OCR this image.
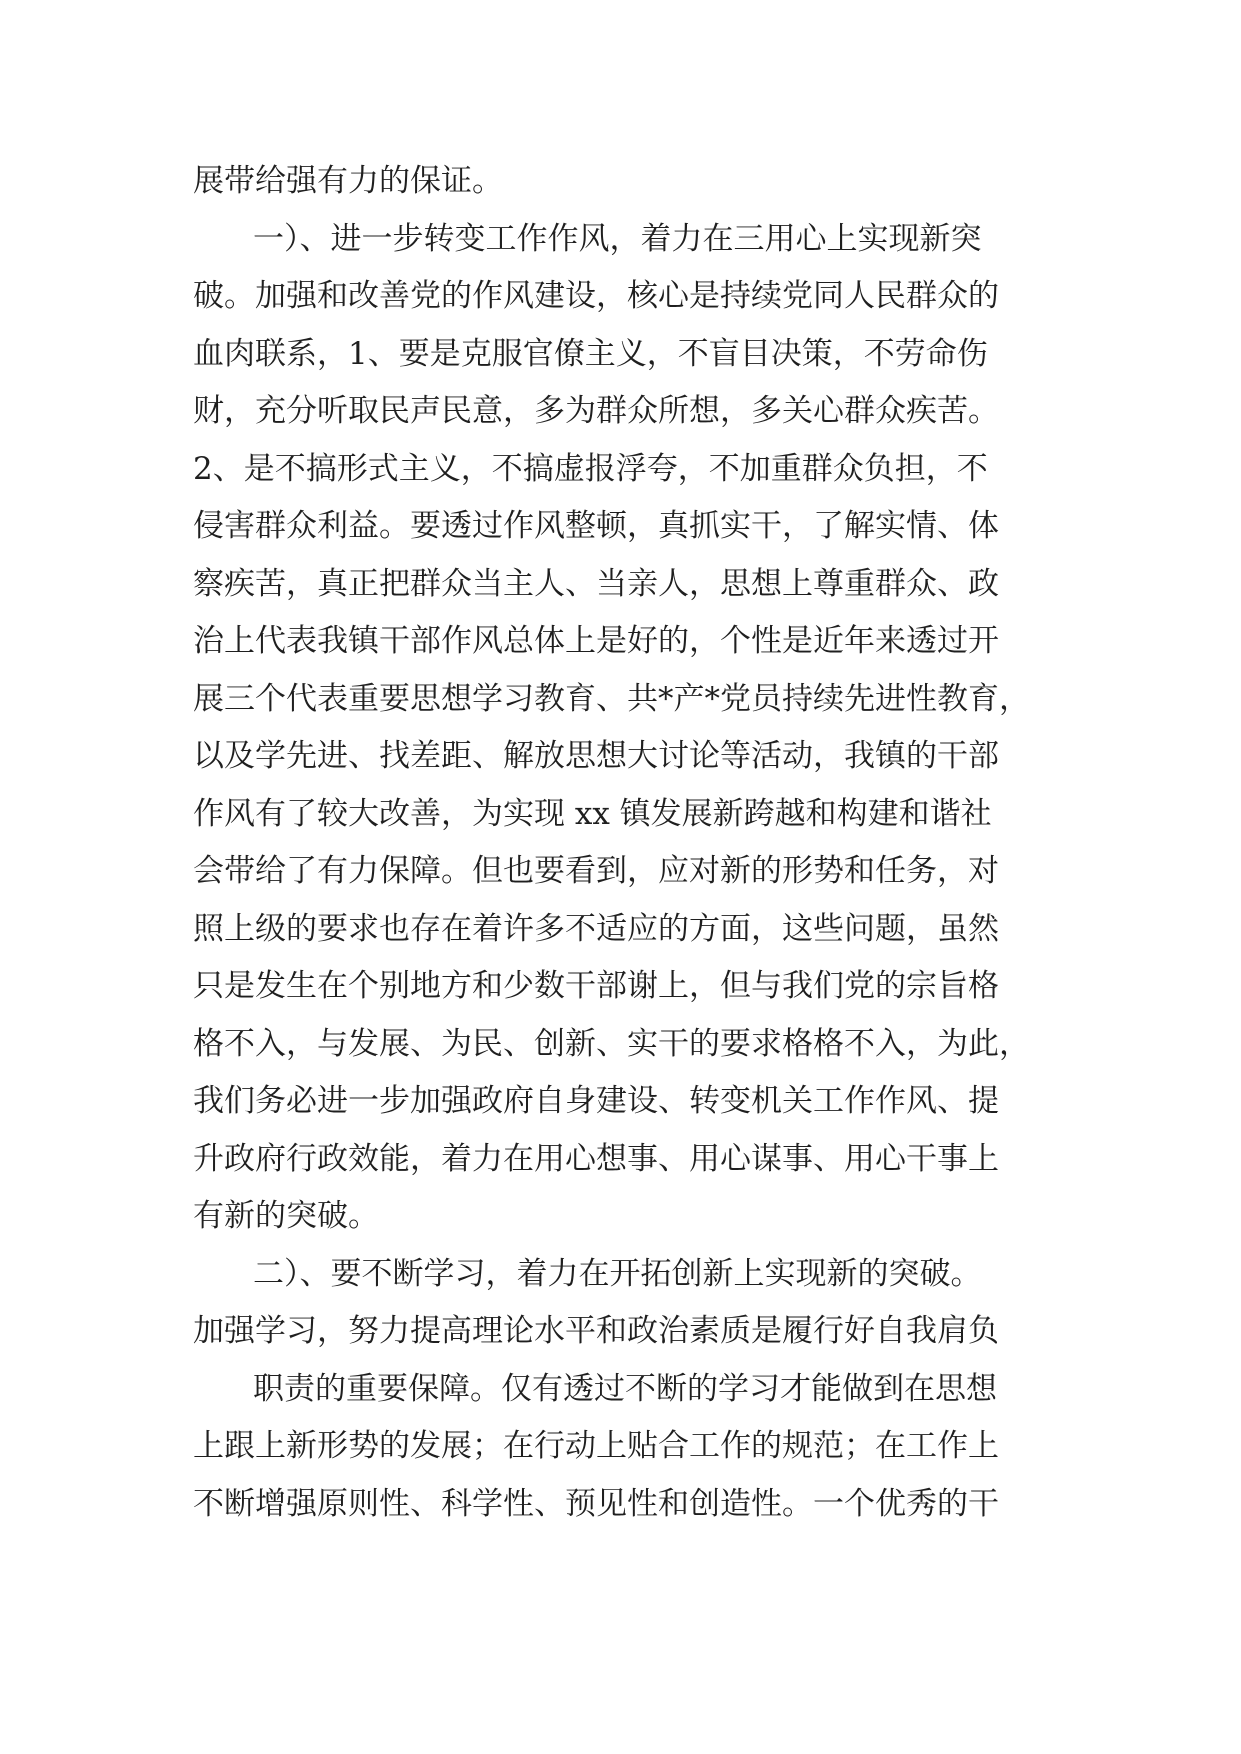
展带给强有力的保证。

一）、进一步转变工作作风，着力在三用心上实现新突

破。加强和改善党的作风建设，核心是持续党同人民群众的

血肉联系，1、要是克服官僚主义，不盲目决策，不劳命伤

财，充分听取民声民意，多为群众所想，多关心群众疾苦。

2、是不搞形式主义，不搞虚报浮夸，不加重群众负担，不

侵害群众利益。要透过作风整顿，真抓实干，了解实情、体

察疾苦，真正把群众当主人、当亲人，思想上尊重群众、政

治上代表我镇干部作风总体上是好的，个性是近年来透过开

展三个代表重要思想学习教育、共*产*党员持续先进性教育，

以及学先进、找差距、解放思想大讨论等活动，我镇的干部

作风有了较大改善，为实现 xx 镇发展新跨越和构建和谐社

会带给了有力保障。但也要看到，应对新的形势和任务，对

照上级的要求也存在着许多不适应的方面，这些问题，虽然

只是发生在个别地方和少数干部谢上，但与我们党的宗旨格

格不入，与发展、为民、创新、实干的要求格格不入，为此，

我们务必进一步加强政府自身建设、转变机关工作作风、提

升政府行政效能，着力在用心想事、用心谋事、用心干事上

有新的突破。

二）、要不断学习，着力在开拓创新上实现新的突破。

加强学习，努力提高理论水平和政治素质是履行好自我肩负

职责的重要保障。仅有透过不断的学习才能做到在思想

上跟上新形势的发展；在行动上贴合工作的规范；在工作上

不断增强原则性、科学性、预见性和创造性。一个优秀的干
